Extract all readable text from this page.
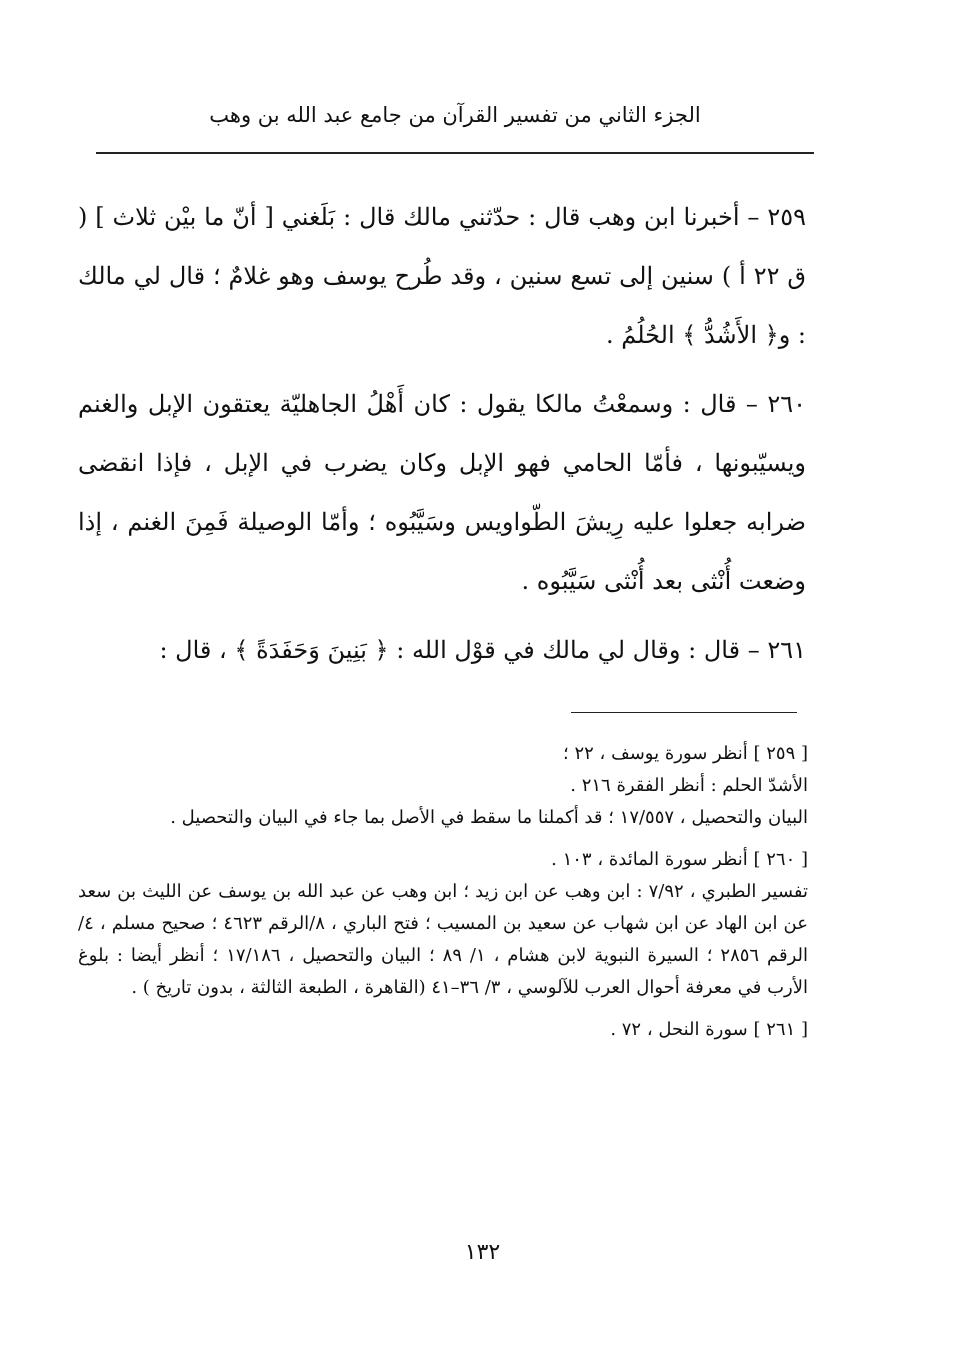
الجزء الثاني من تفسير القرآن من جامع عبد الله بن وهب

٢٥٩ – أخبرنا ابن وهب قال : حدّثني مالك قال : بَلَغني [ أنّ ما بيْن ثلاث ] ( ق ٢٢ أ ) سنين إلى تسع سنين ، وقد طُرح يوسف وهو غلامٌ ؛ قال لي مالك : و﴿ الأَشُدُّ ﴾ الحُلُمُ .

٢٦٠ – قال : وسمعْتُ مالكا يقول : كان أَهْلُ الجاهليّة يعتقون الإبل والغنم ويسيّبونها ، فأمّا الحامي فهو الإبل وكان يضرب في الإبل ، فإذا انقضى ضرابه جعلوا عليه رِيشَ الطّواويس وسَيَّبُوه ؛ وأمّا الوصيلة فَمِنَ الغنم ، إذا وضعت أُنْثى بعد أُنْثى سَيَّبُوه .

٢٦١ – قال : وقال لي مالك في قوْل الله : ﴿ بَنِينَ وَحَفَدَةً ﴾ ، قال :

[ ٢٥٩ ] أنظر سورة يوسف ، ٢٢ ؛

الأشدّ الحلم : أنظر الفقرة ٢١٦ .

البيان والتحصيل ، ١٧/٥٥٧ ؛ قد أكملنا ما سقط في الأصل بما جاء في البيان والتحصيل .

[ ٢٦٠ ] أنظر سورة المائدة ، ١٠٣ .

تفسير الطبري ، ٧/٩٢ : ابن وهب عن ابن زيد ؛ ابن وهب عن عبد الله بن يوسف عن الليث بن سعد عن ابن الهاد عن ابن شهاب عن سعيد بن المسيب ؛ فتح الباري ، ٨/الرقم ٤٦٢٣ ؛ صحيح مسلم ، ٤/الرقم ٢٨٥٦ ؛ السيرة النبوية لابن هشام ، ١/ ٨٩ ؛ البيان والتحصيل ، ١٧/١٨٦ ؛ أنظر أيضا : بلوغ الأرب في معرفة أحوال العرب للآلوسي ، ٣/ ٣٦–٤١ (القاهرة ، الطبعة الثالثة ، بدون تاريخ ) .

[ ٢٦١ ] سورة النحل ، ٧٢ .

١٣٢
